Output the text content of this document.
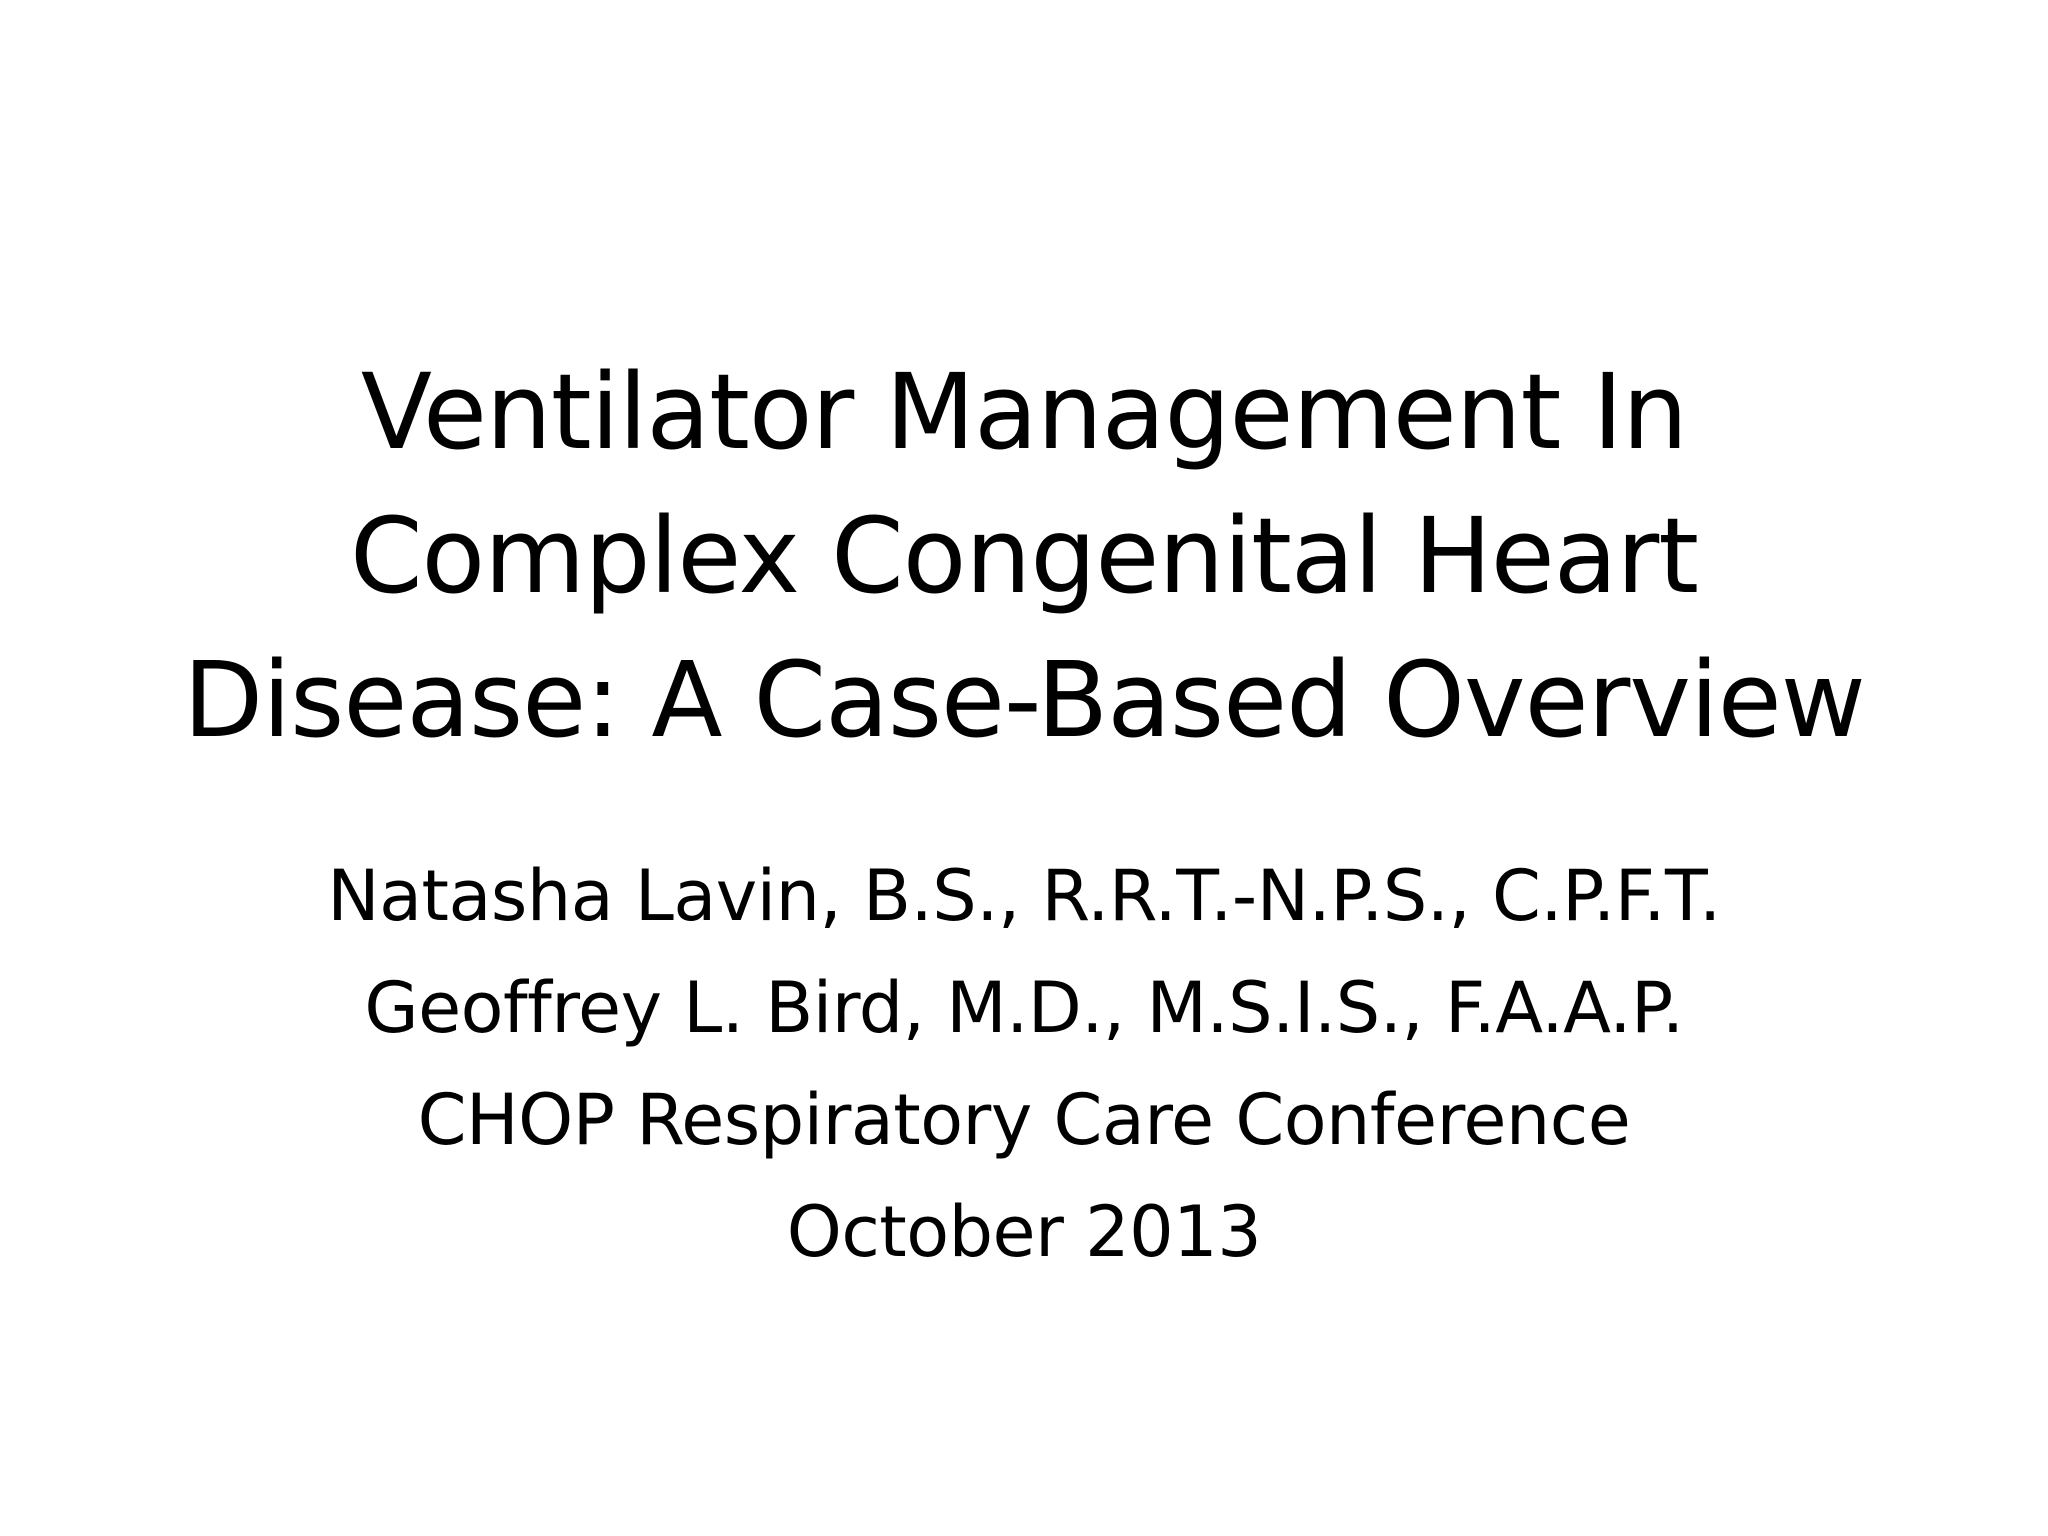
Ventilator Management In
Complex Congenital Heart
Disease: A Case-Based Overview
Natasha Lavin, B.S., R.R.T.-N.P.S., C.P.F.T.
Geoffrey L. Bird, M.D., M.S.I.S., F.A.A.P.
CHOP Respiratory Care Conference
October 2013
